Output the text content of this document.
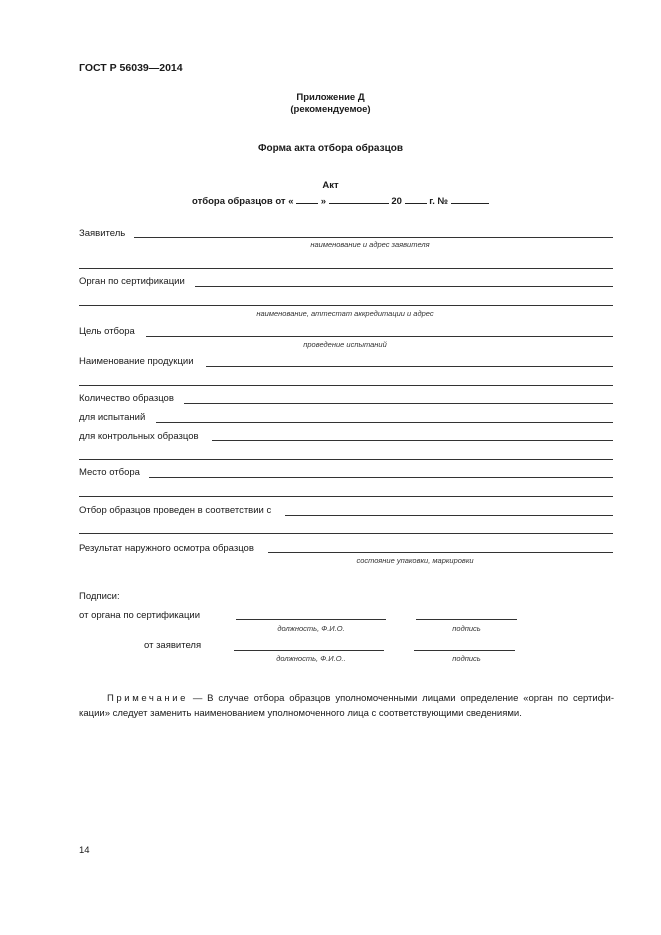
ГОСТ Р 56039—2014
Приложение Д
(рекомендуемое)
Форма акта отбора образцов
Акт
отбора образцов от «	»	20	г. №
Заявитель
наименование и адрес заявителя
Орган по сертификации
наименование, аттестат аккредитации и адрес
Цель отбора
проведение испытаний
Наименование продукции
Количество образцов
для испытаний
для контрольных образцов
Место отбора
Отбор образцов проведен в соответствии с
Результат наружного осмотра образцов
состояние упаковки, маркировки
Подписи:
от органа по сертификации
должность, Ф.И.О.	подпись
от заявителя
должность, Ф.И.О..	подпись
Примечание — В случае отбора образцов уполномоченными лицами определение «орган по сертифи-кации» следует заменить наименованием уполномоченного лица с соответствующими сведениями.
14
